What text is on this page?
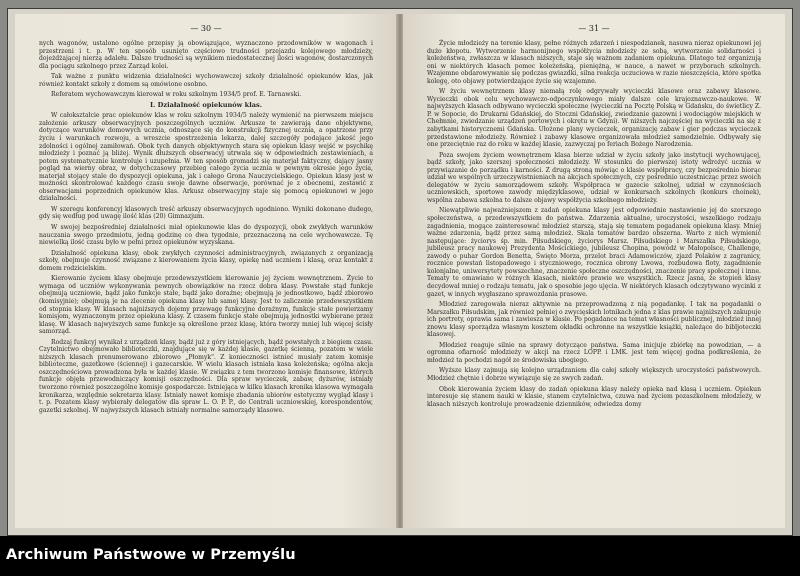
— 30 —

nych wagonów, ustalono ogólne przepisy ją obowiązujące, wyznaczono przodowników w wagonach i przestrzeni i t. p. W ten sposób usunięto częściowo trudności przejazdu kolejowego młodzieży, dojeżdżającej nierzą adalełu. Dalsze trudności są wynikiem niedostatecznej ilości wagonów, dostarczonych dla pociągu szkolnego przez Zarząd kolei.

Tak ważne z punktu widzenia działalności wychowawczej szkoły działalność opiekunów klas, jak również kontakt szkoły z domem są omówione osobno.

Referatem wychowawczym kierował w roku szkolnym 1934/5 prof. E. Tarnawski.

I. Działalność opiekunów klas.

W całokształcie prac opiekunów klas w roku szkolnym 1934/5 należy wymienić na pierwszem miejscu założenie arkuszy obserwacyjnych poszczególnych uczniów. Arkusze te zawierają dane objektywne, dotyczące warunków domowych ucznia, odnoszące się do konstrukcji fizycznej ucznia, a opatrzone przy życiu i warunkach rozwoju, a wreszcie spostrzeżenia lekarza, dalej szczegóły podające jakość jego zdolności i ogólnej zamiłowań. Obok tych danych objektywnych stara się opiekun klasy wejść w psychikę młodzieży i poznać ją bliżej. Wynik dłuższych obserwacyj utrwala się w odpowiednich zestawieniach, a potem systematycznie kontroluje i uzupełnia. W ten sposób gromadzi się materjał faktyczny, dający jasny pogląd na wierny obraz, w dotychczasowy przebieg całego życia ucznia w pewnym okresie jego życia, materjał stojący stale do dyspozycji opiekuna, jak i całego Grona Nauczycielskiego. Opiekun klasy jest w możności skontrolować każdego czasu swoje dawne obserwacje, porównać je z obecnemi, zestawić z obserwacjami poprzednich opiekunów klas. Arkusz obserwacyjny staje się pomocą opiekunowi w jego działalności.

W szeregu konferencyj klasowych treść arkuszy obserwacyjnych ugodniono. Wyniki dokonano dudego, gdy się według pod uwagę ilość klas (20) Gimnazjum.

W swojej bezpośredniej działalności miał opiekunowie klas do dyspozycji, obok zwykłych warunków nauczania swego przedmiotu, jedną godzinę co dwa tygodnie, przeznaczoną na cele wychowawcze. Tę niewielką ilość czasu było w pełni przez opiekunów wyzyskana.

Działalność opiekuna klasy, obok zwykłych czynności administracyjnych, związanych z organizacją szkoły, obejmuje czynność związane z kierowaniem życia klasy, opiekę nad uczniem i klasą, oraz kontakt z domem rodzicielskim.

Kierowanie życiem klasy obejmuje przedewszystkiem kierowanie jej życiem wewnętrznem. Życie to wymaga od uczniów wykonywania pewnych obowiązków na rzecz dobra klasy. Powstałe stąd funkcje obejmują uczniowie, bądź jako funkcje stałe, bądź jako doraźne; obejmują je jednostkowo, bądź zbiorowo (komisyjnie); obejmują je na zlecenie opiekuna klasy lub samej klasy. Jest to zaliczenie przedewszystkiem od stopnia klasy. W klasach najniższych dojemy przewagę funkcyjne doraźnym, funkcje stałe powierzamy komisjom, wyznaczonym przez opiekuna klasy. Z czasem funkcje stałe obejmują jednostki wybierane przez klasę. W klasach najwyższych same funkcje są określone przez klasę, która tworzy mniej lub więcej ścisły samorząd.

Rodzaj funkcyj wynikał z urządzeń klasy, bądź już z góry istniejących, bądź powstałych z biegiem czasu. Czytelnictwo obejmowało biblioteczki, znajdujące się w każdej klasie, gazetkę ścienną, pozatem w wiele niższych klasach prenumerowano zbiorowo „Płomyk". Z konieczności istnieć musiały zatem komisje biblioteczne, gazetkowe (ściennej) i gazecarskie. W wielu klasach istniała kasa koleżeńska; ogólna akcja oszczędnościowa prowadzona była w każdej klasie. W związku z tem tworzono komisje finansowe, których funkcje objęła przewodniczący komisji oszczędności. Dla spraw wycieczek, zabaw, dyżurów, istniały tworzono również poszczególne komisje gospodarcze. Istniejąca w kilku klasach kronika klasowa wymagała kronikarza, względnie sekretarza klasy. Istniały nawet komisje zbadania ubiorów estetyczny wygląd klasy i t. p. Pozatem klasy wybierały delegatów dla spraw L. O. P. P., do Centrali uczniowskiej, korespondentów, gazetki szkolnej. W najwyższych klasach istniały normalne samorządy klasowe.

— 31 —

Życie młodzieży na terenie klasy, pełne różnych zdarzeń i niespodzianek, nasuwa nieraz opiekunowi jej dużo kłopotu. Wytworzenie harmonijnego współżycia młodzieży ze sobą, wytworzenie solidarności i koleżeństwa, zwłaszcza w klasach niższych, staje się ważnem zadaniem opiekuna. Dlatego też organizują oni w niektórych klasach pomoc koleżeńską, pieniężną, w nauce, a nawet w przyborach szkolnych. Wzajemne obdarowywanie się podczas gwiazdki, silna reakcja uczuciowa w razie nieszczęścia, które spotka kolegę, oto objawy potwierdzające życie się wzajemne.

W życiu wewnętrznem klasy niemałą rolę odgrywały wycieczki klasowe oraz zabawy klasowe. Wycieczki obok celu wychowawczo-odpoczynkowego miały dalsze cele krajoznawczo-naukowe. W najwyższych klasach odbywano wycieczki społeczne (wycieczki na Pocztę Polską w Gdańsku, do świetlicy Z. P. w Sopocie, do Drukarni Gdańskiej, do Stoczni Gdańskiej, zwiedzanie gazowni i wodociągów miejskich w Chełmnie, zwiedzanie urządzeń portowych i okrętu w Gdyni). W niższych najczęściej na wycieczki na się z zabytkami historycznemi Gdańska. Ułożone plany wycieczek, organizację zabaw i gier podczas wycieczek przedstawione młodzieży. Również i zabawy klasowe organizowała młodzież samodzielnie. Odbywały się one przeciętnie raz do roku w każdej klasie, zazwyczaj po feriach Bożego Narodzenia.

Poza swojem życiem wewnętrznem klasa bierze udział w życiu szkoły jako instytucji wychowującej, bądź szkoły, jako szerszej społeczności młodzieży. W stosunku do pierwszej istoty wdrożyć ucznia w przywiązanie do porządku i karności. Z drugą stroną mówiąc o klasie współpracy, czy bezpośrednio biorąc udział we wspólnych urzeczywistnieniach na akcjach społecznych, czy pośrednio uczestnicząc przez swoich delegatów w życiu samorządowem szkoły. Współpraca w gazecie szkolnej, udział w czynnościach uczniowskich, sportowe zawody międzyklasowe, udział w konkursach szkolnych (konkurs choinek), wspólna zabawa szkolna to dalsze objawy współżycia szkolnego młodzieży.

Niewątpliwie najważniejszem z zadań opiekuna klasy jest odpowiednie nastawienie jej do szerszego społeczeństwa, a przedewszystkiem do państwa. Zdarzenia aktualne, uroczystości, wszelkiego rodzaju zagadnienia, mogące zainteresować młodzież starszą, stają się tematem pogadanek opiekuna klasy. Mniej ważne zdarzenia, bądź przez samą młodzież. Skala tematów bardzo obszerna. Warto z nich wymienić następujące: życiorys śp. min. Piłsudskiego, życiorys Marsz. Piłsudskiego i Marszałka Piłsudskiego, jubileusz pracy naukowej Prezydenta Mościckiego, jubileusz Chopina, powódź w Małopolsce, Challenge, zawody o puhar Gordon Benetta, Święto Morza, przelot braci Adamowiczów, zjazd Polaków z zagranicy, rocznice powstań listopadowego i styczniowego, rocznica obrony Lwowa, rozbudowa floty, zagadnienie kolonjalne, uniwersytety powszechne, znaczenie społeczne oszczędności, znaczenie pracy społecznej i inne. Tematy te omawiano w różnych klasach, niektóre prawie we wszystkich. Rzecz jasna, że stopień klasy decydował mniej o rodzaju tematu, jak o sposobie jego ujęcia. W niektórych klasach odczytywano wycinki z gazet, w innych wygłaszano sprawozdania prasowe.

Młodzież zaregowała nieraz aktywnie na przeprowadzoną z nią pogadankę. I tak na pogadanki o Marszałku Piłsudskim, jak również pełniej o zwycięskich lotnikach jedna z klas prawie najniższych zakupuje ich portrety, oprawia sama i zawiesza w klasie. Po pogadance na temat własności publicznej, młodzież innej znowu klasy sporządza własnym kosztem okładki ochronne na wszystkie książki, należące do bibljoteczki klasowej.

Młodzież reaguje silnie na sprawy dotyczące państwa. Sama inicjuje zbiórkę na powodzian, — a ogromna ofiarność młodzieży w akcji na rzecz LOPP. i LMK. jest tem więcej godna podkreślenia, że młodzież ta pochodzi nagół ze środowiska ubogiego.

Wyższe klasy zajmują się kolejno urządzaniem dla całej szkoły większych uroczystości państwowych. Młodzież chętnie i dobrze wywiązuje się ze swych zadań.

Obok kierowania życiem klasy do zadań opiekuna klasy należy opieka nad klasą i uczniem. Opiekun interesuje się stanem nauki w klasie, stanem czytelnictwa, czuwa nad życiem pozaszkolnem młodzieży, w klasach niższych kontroluje prowadzenie dzienników, odwiedza domy

Archiwum Państwowe w Przemyślu
